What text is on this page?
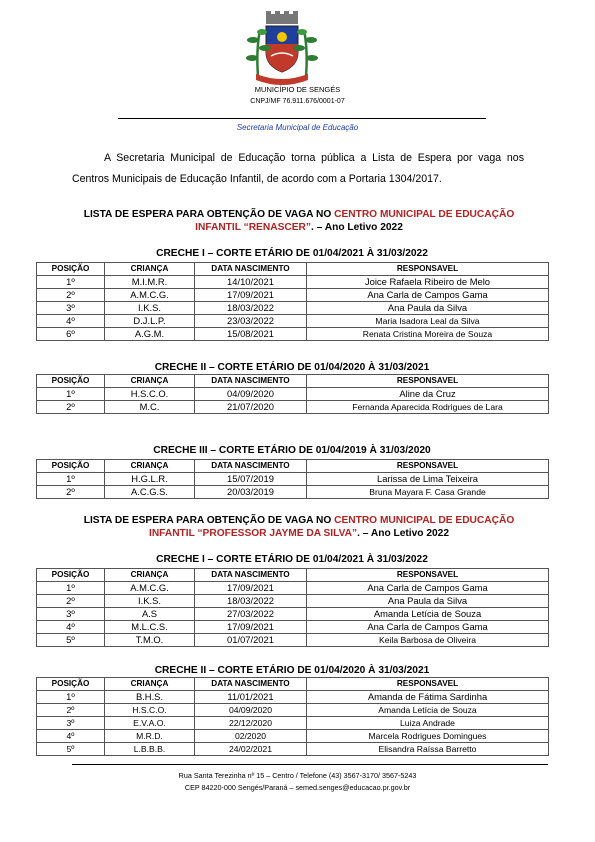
MUNICÍPIO DE SENGÉS
CNPJ/MF 76.911.676/0001-07
Secretaria Municipal de Educação
A Secretaria Municipal de Educação torna pública a Lista de Espera por vaga nos Centros Municipais de Educação Infantil, de acordo com a Portaria 1304/2017.
LISTA DE ESPERA PARA OBTENÇÃO DE VAGA NO CENTRO MUNICIPAL DE EDUCAÇÃO INFANTIL “RENASCER”. – Ano Letivo 2022
CRECHE I – CORTE ETÁRIO DE 01/04/2021 À 31/03/2022
POSIÇÃO	CRIANÇA	DATA NASCIMENTO	RESPONSAVEL
1º	M.I.M.R.	14/10/2021	Joice Rafaela Ribeiro de Melo
2º	A.M.C.G.	17/09/2021	Ana Carla de Campos Gama
3º	I.K.S.	18/03/2022	Ana Paula da Silva
4º	D.J.L.P.	23/03/2022	Maria Isadora Leal da Silva
6º	A.G.M.	15/08/2021	Renata Cristina Moreira de Souza
CRECHE II – CORTE ETÁRIO DE 01/04/2020 À 31/03/2021
POSIÇÃO	CRIANÇA	DATA NASCIMENTO	RESPONSAVEL
1º	H.S.C.O.	04/09/2020	Aline da Cruz
2º	M.C.	21/07/2020	Fernanda Aparecida Rodrigues de Lara
CRECHE III – CORTE ETÁRIO DE 01/04/2019 À 31/03/2020
POSIÇÃO	CRIANÇA	DATA NASCIMENTO	RESPONSAVEL
1º	H.G.L.R.	15/07/2019	Larissa de Lima Teixeira
2º	A.C.G.S.	20/03/2019	Bruna Mayara F. Casa Grande
LISTA DE ESPERA PARA OBTENÇÃO DE VAGA NO CENTRO MUNICIPAL DE EDUCAÇÃO INFANTIL “PROFESSOR JAYME DA SILVA”. – Ano Letivo 2022
CRECHE I – CORTE ETÁRIO DE 01/04/2021 À 31/03/2022
POSIÇÃO	CRIANÇA	DATA NASCIMENTO	RESPONSAVEL
1º	A.M.C.G.	17/09/2021	Ana Carla de Campos Gama
2º	I.K.S.	18/03/2022	Ana Paula da Silva
3º	A.S	27/03/2022	Amanda Letícia de Souza
4º	M.L.C.S.	17/09/2021	Ana Carla de Campos Gama
5º	T.M.O.	01/07/2021	Keila Barbosa de Oliveira
CRECHE II – CORTE ETÁRIO DE 01/04/2020 À 31/03/2021
POSIÇÃO	CRIANÇA	DATA NASCIMENTO	RESPONSAVEL
1º	B.H.S.	11/01/2021	Amanda de Fátima Sardinha
2º	H.S.C.O.	04/09/2020	Amanda Letícia de Souza
3º	E.V.A.O.	22/12/2020	Luiza Andrade
4º	M.R.D.	02/2020	Marcela Rodrigues Domingues
5º	L.B.B.B.	24/02/2021	Elisandra Raíssa Barretto
Rua Santa Terezinha nº 15 – Centro / Telefone (43) 3567-3170/ 3567-5243
CEP 84220-000 Sengés/Paraná – semed.senges@educacao.pr.gov.br
